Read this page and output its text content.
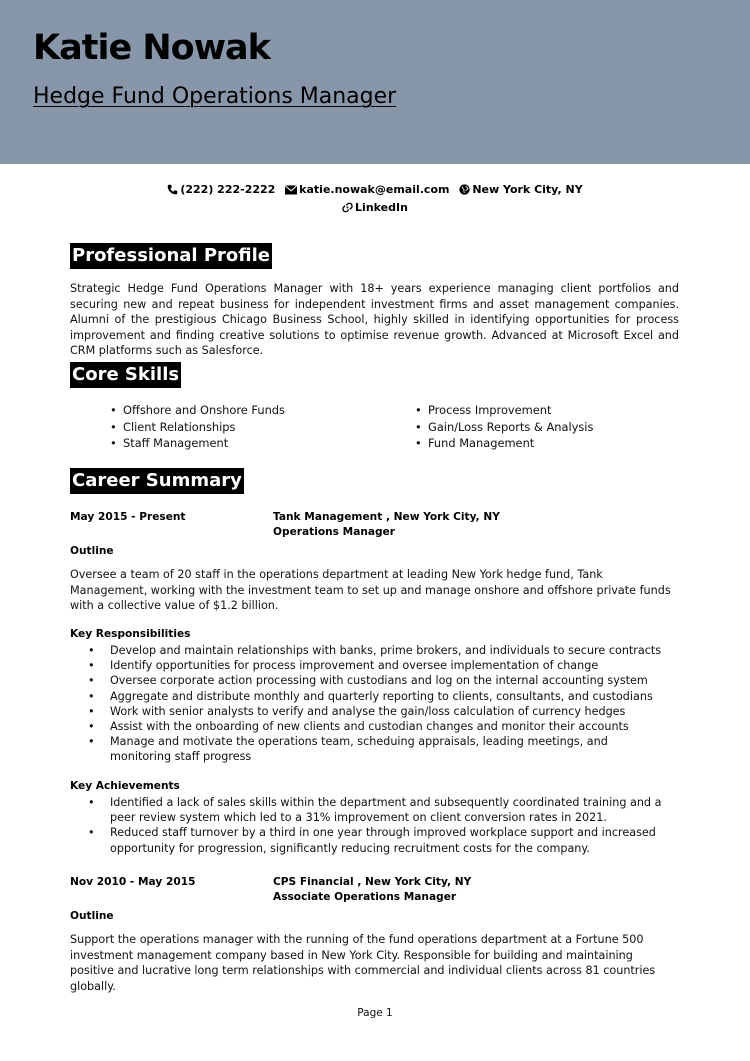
Katie Nowak
Hedge Fund Operations Manager
(222) 222-2222 katie.nowak@email.com New York City, NY
LinkedIn
Professional Profile

Strategic Hedge Fund Operations Manager with 18+ years experience managing client portfolios and securing new and repeat business for independent investment firms and asset management companies. Alumni of the prestigious Chicago Business School, highly skilled in identifying opportunities for process improvement and finding creative solutions to optimise revenue growth. Advanced at Microsoft Excel and CRM platforms such as Salesforce.

Core Skills
• Offshore and Onshore Funds
• Client Relationships
• Staff Management
• Process Improvement
• Gain/Loss Reports & Analysis
• Fund Management
Career Summary
May 2015 - Present	Tank Management , New York City, NY
Operations Manager
Outline

Oversee a team of 20 staff in the operations department at leading New York hedge fund, Tank Management, working with the investment team to set up and manage onshore and offshore private funds with a collective value of $1.2 billion.

Key Responsibilities
• Develop and maintain relationships with banks, prime brokers, and individuals to secure contracts
• Identify opportunities for process improvement and oversee implementation of change
• Oversee corporate action processing with custodians and log on the internal accounting system
• Aggregate and distribute monthly and quarterly reporting to clients, consultants, and custodians
• Work with senior analysts to verify and analyse the gain/loss calculation of currency hedges
• Assist with the onboarding of new clients and custodian changes and monitor their accounts
• Manage and motivate the operations team, scheduing appraisals, leading meetings, and monitoring staff progress
Key Achievements
• Identified a lack of sales skills within the department and subsequently coordinated training and a peer review system which led to a 31% improvement on client conversion rates in 2021.
• Reduced staff turnover by a third in one year through improved workplace support and increased opportunity for progression, significantly reducing recruitment costs for the company.
Nov 2010 - May 2015	CPS Financial , New York City, NY
Associate Operations Manager
Outline

Support the operations manager with the running of the fund operations department at a Fortune 500 investment management company based in New York City. Responsible for building and maintaining positive and lucrative long term relationships with commercial and individual clients across 81 countries globally.

Page 1
